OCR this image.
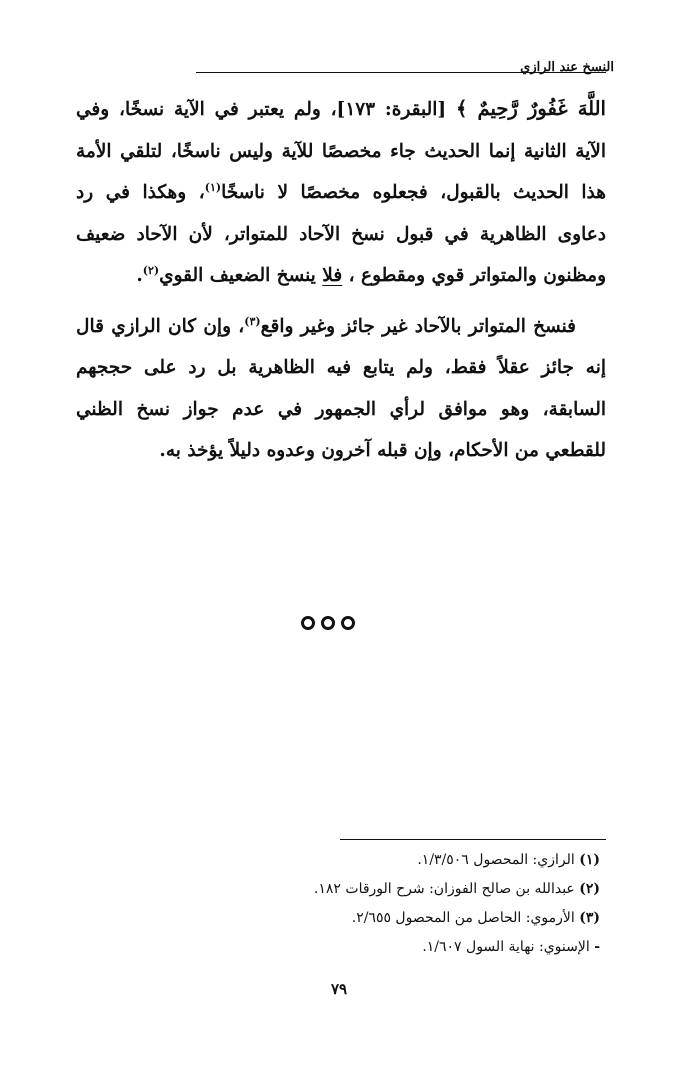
النسخ عند الرازي

اللَّهَ غَفُورٌ رَّحِيمٌ ﴾ [البقرة: ١٧٣]، ولم يعتبر في الآية نسخًا، وفي الآية الثانية إنما الحديث جاء مخصصًا للآية وليس ناسخًا، لتلقي الأمة هذا الحديث بالقبول، فجعلوه مخصصًا لا ناسخًا$^{(١)}$، وهكذا في رد دعاوى الظاهرية في قبول نسخ الآحاد للمتواتر، لأن الآحاد ضعيف ومظنون والمتواتر قوي ومقطوع ، فلا ينسخ الضعيف القوي$^{(٢)}$.

فنسخ المتواتر بالآحاد غير جائز وغير واقع$^{(٣)}$، وإن كان الرازي قال إنه جائز عقلاً فقط، ولم يتابع فيه الظاهرية بل رد على حججهم السابقة، وهو موافق لرأي الجمهور في عدم جواز نسخ الظني للقطعي من الأحكام، وإن قبله آخرون وعدوه دليلاً يؤخذ به.

(١) الرازي: المحصول ١/٣/٥٠٦.
(٢) عبدالله بن صالح الفوزان: شرح الورقات ١٨٢.
(٣) الأرموي: الحاصل من المحصول ٢/٦٥٥.
- الإسنوي: نهاية السول ١/٦٠٧.
٧٩
